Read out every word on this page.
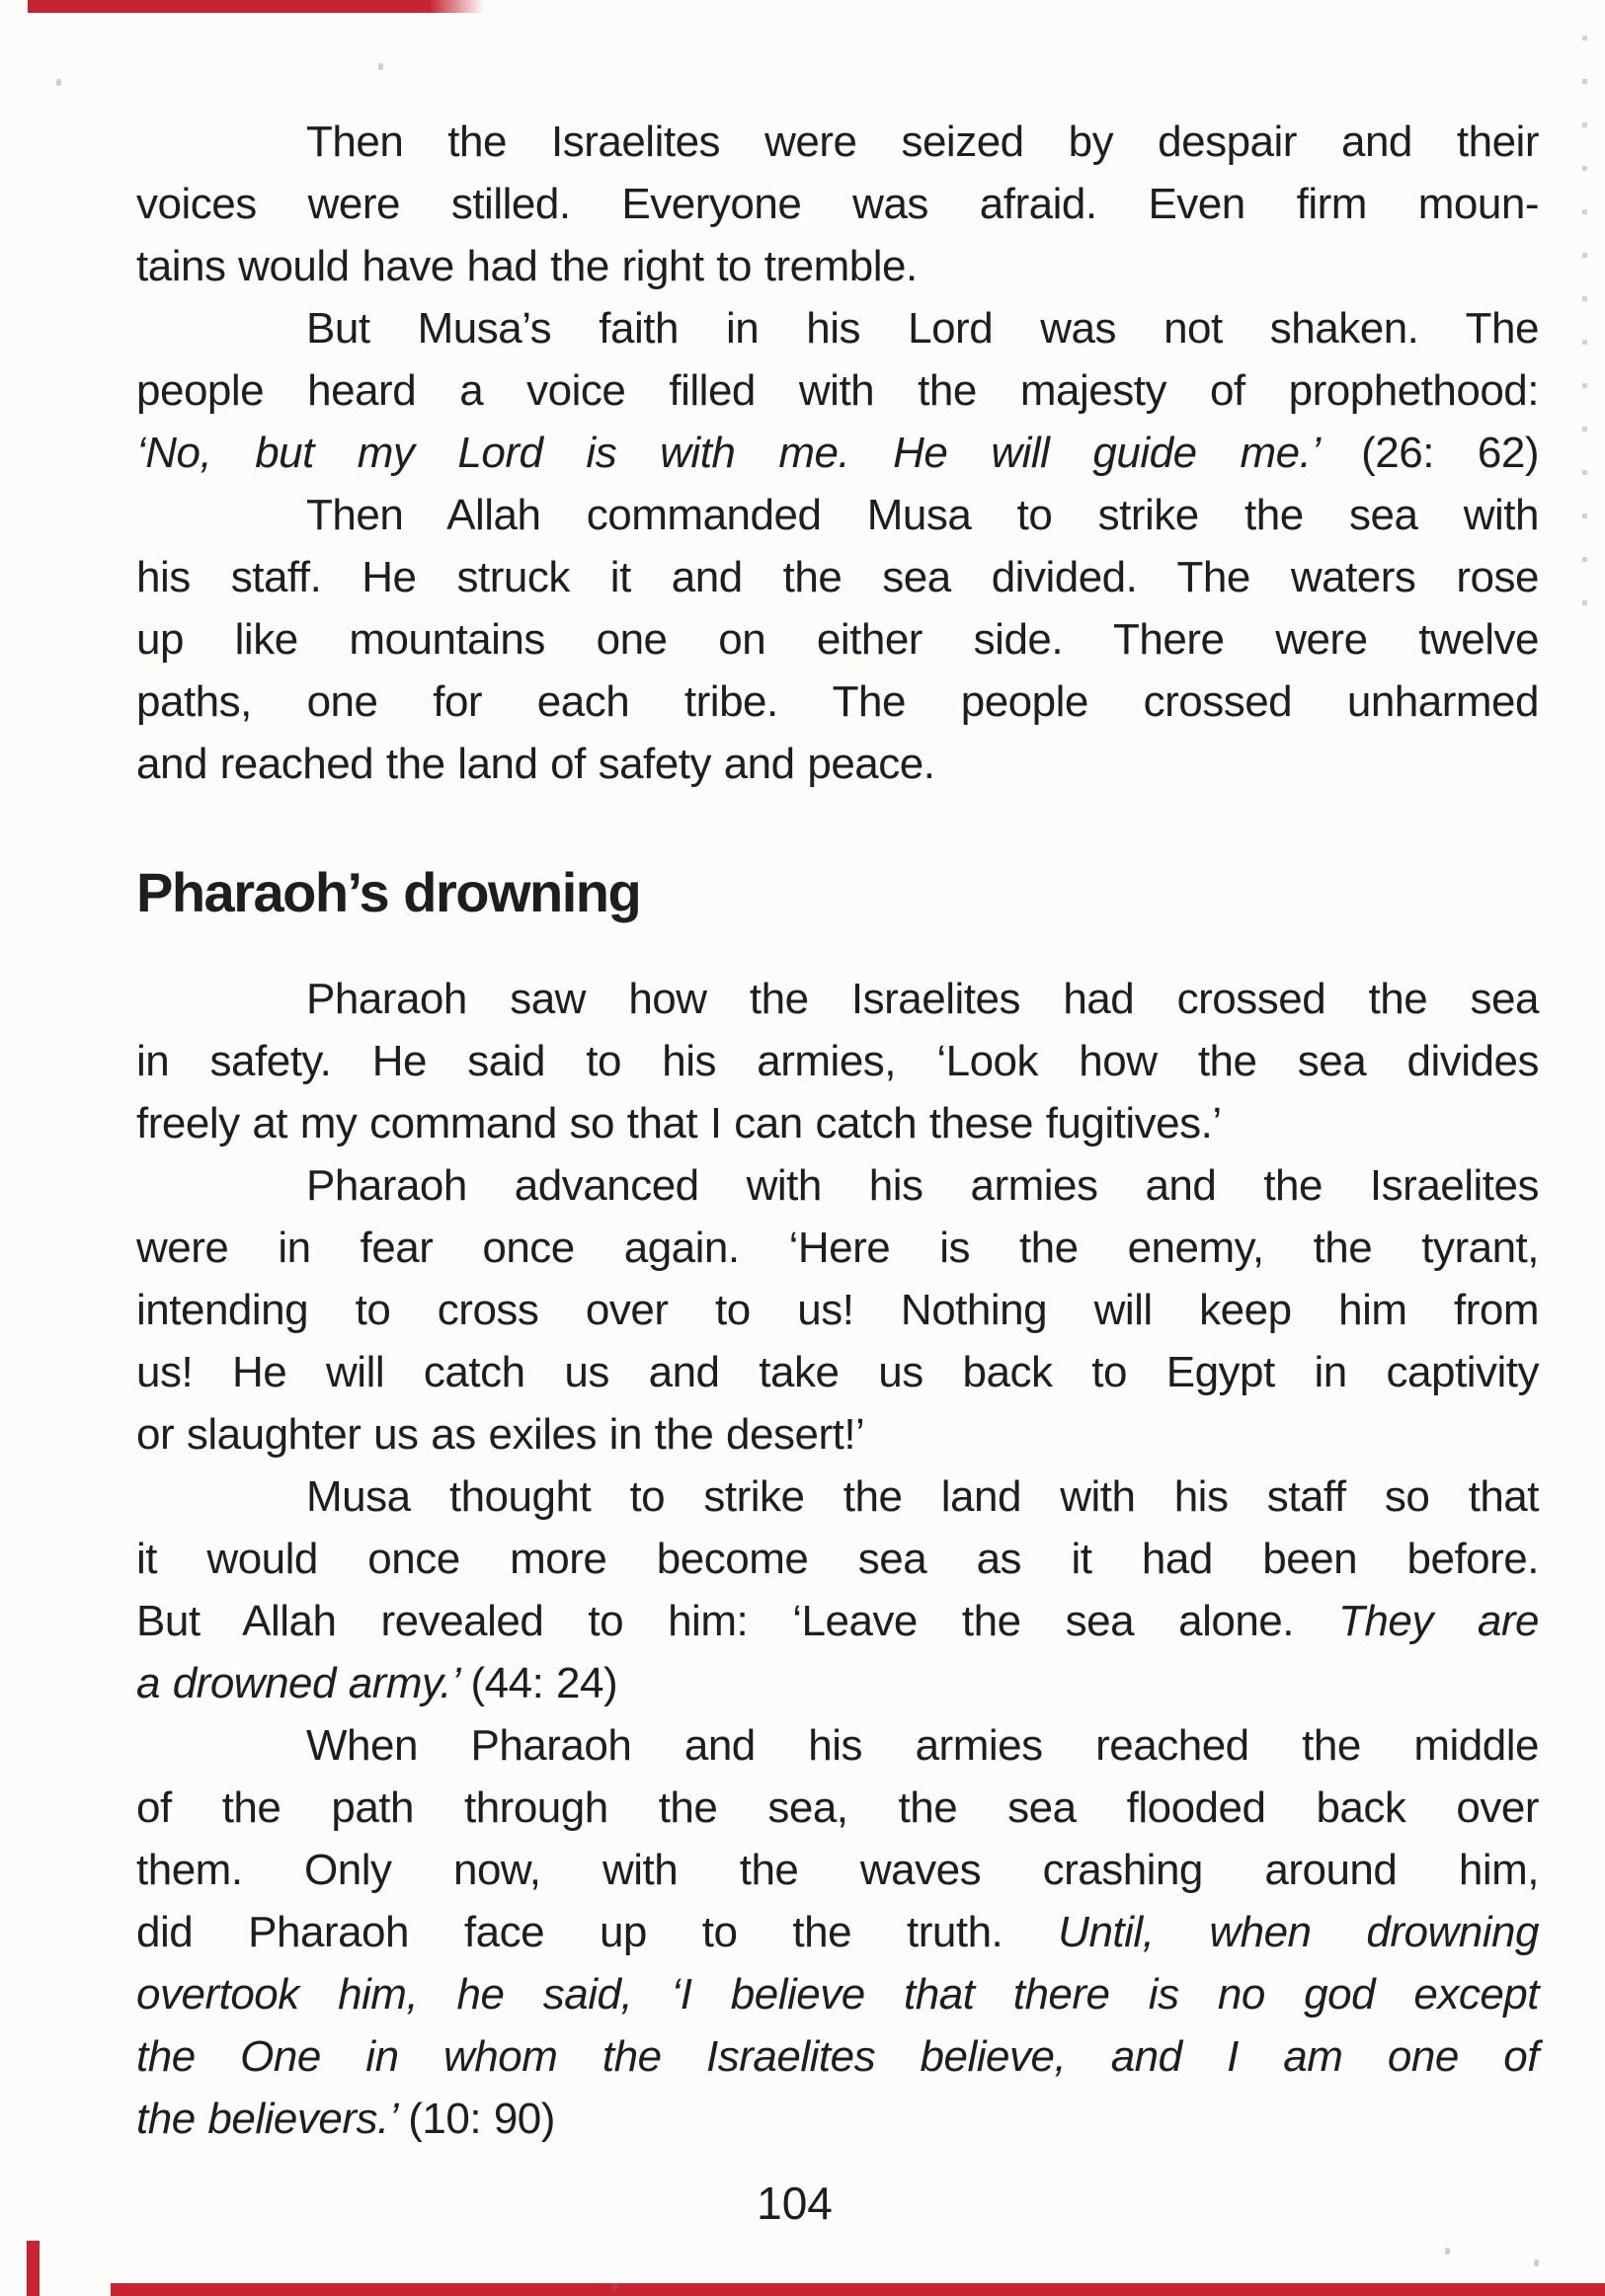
Then the Israelites were seized by despair and their
voices were stilled. Everyone was afraid. Even firm moun-
tains would have had the right to tremble.
But Musa’s faith in his Lord was not shaken. The
people heard a voice filled with the majesty of prophethood:
‘No, but my Lord is with me. He will guide me.’ (26: 62)
Then Allah commanded Musa to strike the sea with
his staff. He struck it and the sea divided. The waters rose
up like mountains one on either side. There were twelve
paths, one for each tribe. The people crossed unharmed
and reached the land of safety and peace.
Pharaoh’s drowning
Pharaoh saw how the Israelites had crossed the sea
in safety. He said to his armies, ‘Look how the sea divides
freely at my command so that I can catch these fugitives.’
Pharaoh advanced with his armies and the Israelites
were in fear once again. ‘Here is the enemy, the tyrant,
intending to cross over to us! Nothing will keep him from
us! He will catch us and take us back to Egypt in captivity
or slaughter us as exiles in the desert!’
Musa thought to strike the land with his staff so that
it would once more become sea as it had been before.
But Allah revealed to him: ‘Leave the sea alone. They are
a drowned army.’ (44: 24)
When Pharaoh and his armies reached the middle
of the path through the sea, the sea flooded back over
them. Only now, with the waves crashing around him,
did Pharaoh face up to the truth. Until, when drowning
overtook him, he said, ‘I believe that there is no god except
the One in whom the Israelites believe, and I am one of
the believers.’ (10: 90)
104
